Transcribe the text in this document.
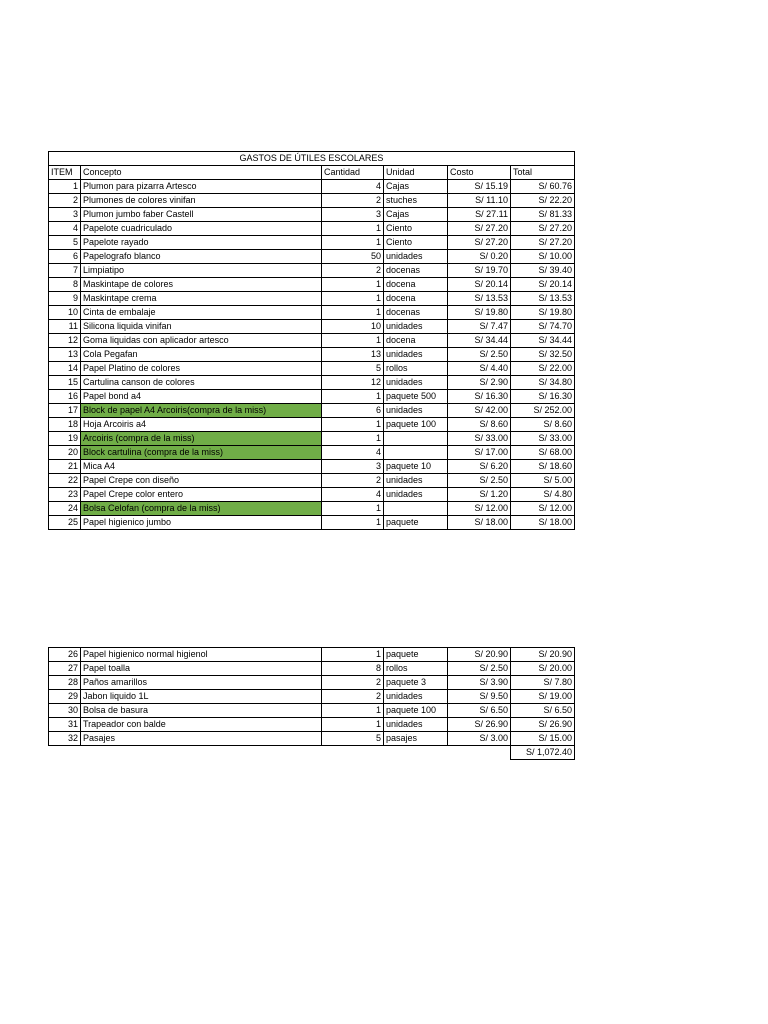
GASTOS DE ÚTILES ESCOLARES					
ITEM	Concepto	Cantidad	Unidad	Costo	Total
1	Plumon para pizarra Artesco	4	Cajas	S/ 15.19	S/ 60.76
2	Plumones de colores vinifan	2	stuches	S/ 11.10	S/ 22.20
3	Plumon jumbo faber Castell	3	Cajas	S/ 27.11	S/ 81.33
4	Papelote cuadriculado	1	Ciento	S/ 27.20	S/ 27.20
5	Papelote rayado	1	Ciento	S/ 27.20	S/ 27.20
6	Papelografo blanco	50	unidades	S/ 0.20	S/ 10.00
7	Limpiatipo	2	docenas	S/ 19.70	S/ 39.40
8	Maskintape de colores	1	docena	S/ 20.14	S/ 20.14
9	Maskintape crema	1	docena	S/ 13.53	S/ 13.53
10	Cinta de embalaje	1	docenas	S/ 19.80	S/ 19.80
11	Silicona liquida vinifan	10	unidades	S/ 7.47	S/ 74.70
12	Goma liquidas con aplicador artesco	1	docena	S/ 34.44	S/ 34.44
13	Cola Pegafan	13	unidades	S/ 2.50	S/ 32.50
14	Papel Platino de colores	5	rollos	S/ 4.40	S/ 22.00
15	Cartulina canson de colores	12	unidades	S/ 2.90	S/ 34.80
16	Papel bond a4	1	paquete 500	S/ 16.30	S/ 16.30
17	Block de papel A4 Arcoiris(compra de la miss)	6	unidades	S/ 42.00	S/ 252.00
18	Hoja Arcoiris a4	1	paquete 100	S/ 8.60	S/ 8.60
19	Arcoiris (compra de la miss)	1		S/ 33.00	S/ 33.00
20	Block cartulina (compra de la miss)	4		S/ 17.00	S/ 68.00
21	Mica A4	3	paquete 10	S/ 6.20	S/ 18.60
22	Papel Crepe con diseño	2	unidades	S/ 2.50	S/ 5.00
23	Papel Crepe color entero	4	unidades	S/ 1.20	S/ 4.80
24	Bolsa Celofan (compra de la miss)	1		S/ 12.00	S/ 12.00
25	Papel higienico jumbo	1	paquete	S/ 18.00	S/ 18.00
26	Papel higienico normal higienol	1	paquete	S/ 20.90	S/ 20.90
27	Papel toalla	8	rollos	S/ 2.50	S/ 20.00
28	Paños amarillos	2	paquete 3	S/ 3.90	S/ 7.80
29	Jabon liquido 1L	2	unidades	S/ 9.50	S/ 19.00
30	Bolsa de basura	1	paquete 100	S/ 6.50	S/ 6.50
31	Trapeador con balde	1	unidades	S/ 26.90	S/ 26.90
32	Pasajes	5	pasajes	S/ 3.00	S/ 15.00
					S/ 1,072.40
